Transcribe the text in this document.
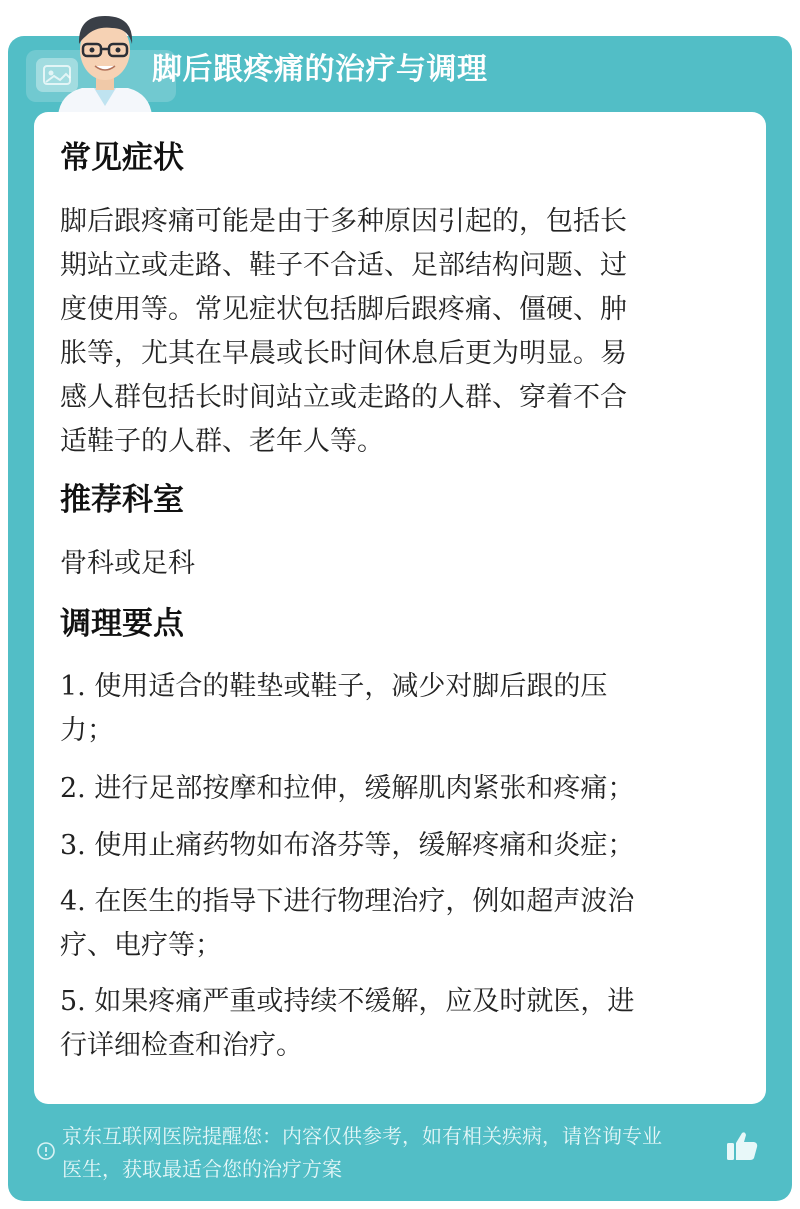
脚后跟疼痛的治疗与调理
常见症状
脚后跟疼痛可能是由于多种原因引起的，包括长
期站立或走路、鞋子不合适、足部结构问题、过
度使用等。常见症状包括脚后跟疼痛、僵硬、肿
胀等，尤其在早晨或长时间休息后更为明显。易
感人群包括长时间站立或走路的人群、穿着不合
适鞋子的人群、老年人等。
推荐科室
骨科或足科
调理要点
1. 使用适合的鞋垫或鞋子，减少对脚后跟的压
力；
2. 进行足部按摩和拉伸，缓解肌肉紧张和疼痛；
3. 使用止痛药物如布洛芬等，缓解疼痛和炎症；
4. 在医生的指导下进行物理治疗，例如超声波治
疗、电疗等；
5. 如果疼痛严重或持续不缓解，应及时就医，进
行详细检查和治疗。
京东互联网医院提醒您：内容仅供参考，如有相关疾病，请咨询专业
医生，获取最适合您的治疗方案
